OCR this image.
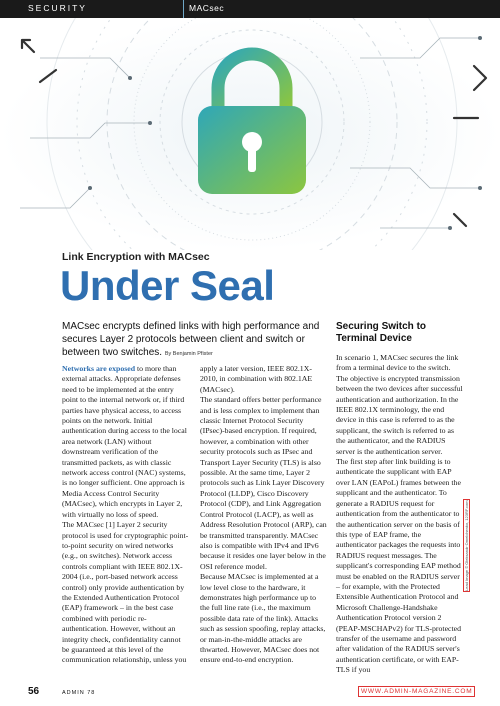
SECURITY	MACsec
Link Encryption with MACsec
Under Seal
MACsec encrypts defined links with high performance and secures Layer 2 protocols between client and switch or between two switches. By Benjamin Pfister
Securing Switch to Terminal Device
Networks are exposed to more than external attacks. Appropriate defenses need to be implemented at the entry point to the internal network or, if third parties have physical access, to access points on the network. Initial authentication during access to the local area network (LAN) without downstream verification of the transmitted packets, as with classic network access control (NAC) systems, is no longer sufficient. One approach is Media Access Control Security (MACsec), which encrypts in Layer 2, with virtually no loss of speed.
The MACsec [1] Layer 2 security protocol is used for cryptographic point-to-point security on wired networks (e.g., on switches). Network access controls compliant with IEEE 802.1X-2004 (i.e., port-based network access control) only provide authentication by the Extended Authentication Protocol (EAP) framework – in the best case combined with periodic re-authentication. However, without an integrity check, confidentiality cannot be guaranteed at this level of the communication relationship, unless you
apply a later version, IEEE 802.1X-2010, in combination with 802.1AE (MACsec).
The standard offers better performance and is less complex to implement than classic Internet Protocol Security (IPsec)-based encryption. If required, however, a combination with other security protocols such as IPsec and Transport Layer Security (TLS) is also possible. At the same time, Layer 2 protocols such as Link Layer Discovery Protocol (LLDP), Cisco Discovery Protocol (CDP), and Link Aggregation Control Protocol (LACP), as well as Address Resolution Protocol (ARP), can be transmitted transparently. MACsec also is compatible with IPv4 and IPv6 because it resides one layer below in the OSI reference model.
Because MACsec is implemented at a low level close to the hardware, it demonstrates high performance up to the full line rate (i.e., the maximum possible data rate of the link). Attacks such as session spoofing, replay attacks, or man-in-the-middle attacks are thwarted. However, MACsec does not ensure end-to-end encryption.
In scenario 1, MACsec secures the link from a terminal device to the switch. The objective is encrypted transmission between the two devices after successful authentication and authorization. In the IEEE 802.1X terminology, the end device in this case is referred to as the supplicant, the switch is referred to as the authenticator, and the RADIUS server is the authentication server.
The first step after link building is to authenticate the supplicant with EAP over LAN (EAPoL) frames between the supplicant and the authenticator. To generate a RADIUS request for authentication from the authenticator to the authentication server on the basis of this type of EAP frame, the authenticator packages the requests into RADIUS request messages. The supplicant's corresponding EAP method must be enabled on the RADIUS server – for example, with the Protected Extensible Authentication Protocol and Microsoft Challenge-Handshake Authentication Protocol version 2 (PEAP-MSCHAPv2) for TLS-protected transfer of the username and password after validation of the RADIUS server's authentication certificate, or with EAP-TLS if you
Lead Image © Oleksandr Omelchenko, 123RF.com
56	ADMIN 78	WWW.ADMIN-MAGAZINE.COM
